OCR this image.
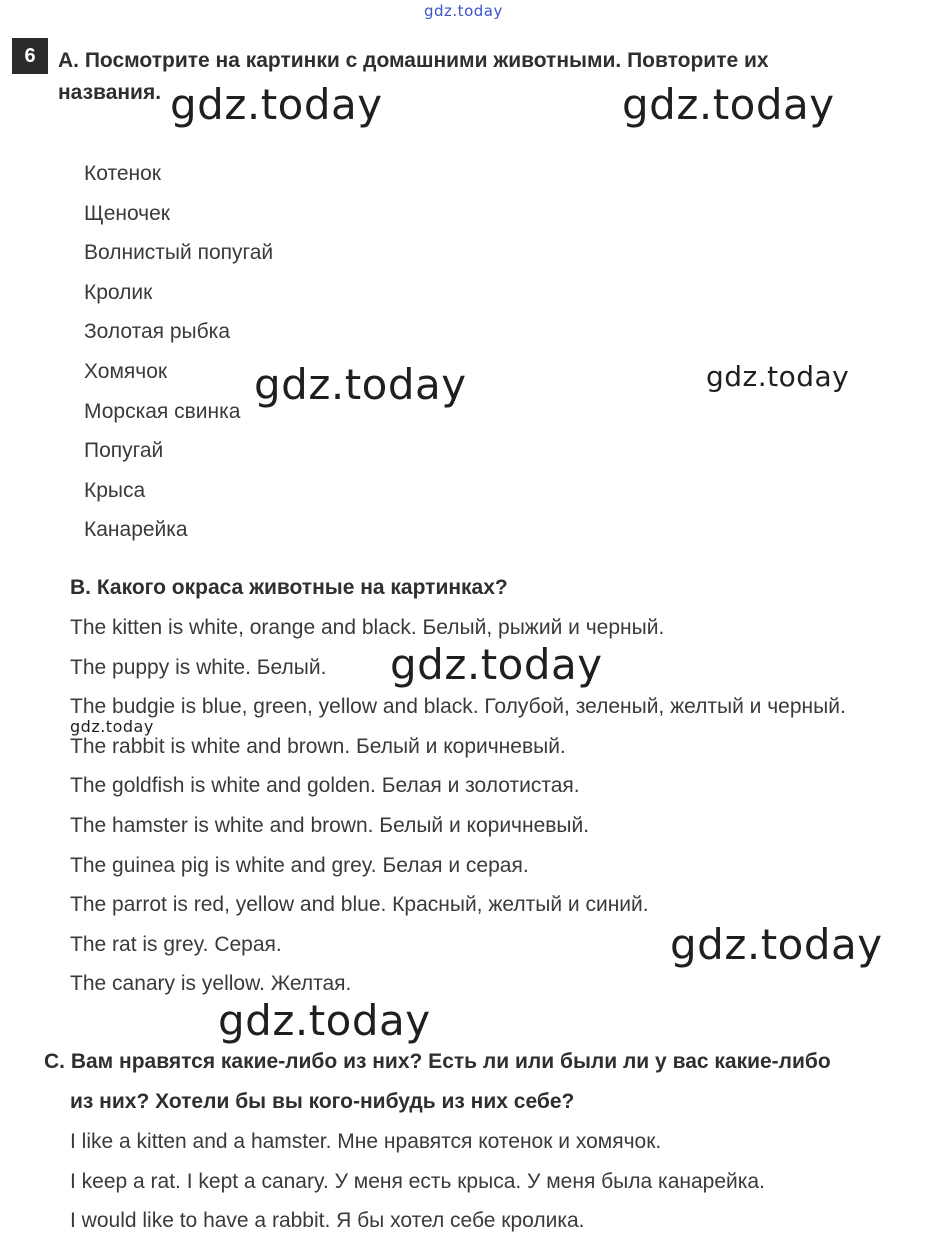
gdz.today
gdz.today	gdz.today
gdz.today	gdz.today
gdz.today
gdz.today
gdz.today
gdz.today
6	A. Посмотрите на картинки с домашними животными. Повторите их
названия.
Котенок
Щеночек
Волнистый попугай
Кролик
Золотая рыбка
Хомячок
Морская свинка
Попугай
Крыса
Канарейка
B. Какого окраса животные на картинках?
The kitten is white, orange and black. Белый, рыжий и черный.
The puppy is white. Белый.
The budgie is blue, green, yellow and black. Голубой, зеленый, желтый и черный.
The rabbit is white and brown. Белый и коричневый.
The goldfish is white and golden. Белая и золотистая.
The hamster is white and brown. Белый и коричневый.
The guinea pig is white and grey. Белая и серая.
The parrot is red, yellow and blue. Красный, желтый и синий.
The rat is grey. Серая.
The canary is yellow. Желтая.
C. Вам нравятся какие-либо из них? Есть ли или были ли у вас какие-либо
из них? Хотели бы вы кого-нибудь из них себе?
I like a kitten and a hamster. Мне нравятся котенок и хомячок.
I keep a rat. I kept a canary. У меня есть крыса. У меня была канарейка.
I would like to have a rabbit. Я бы хотел себе кролика.
